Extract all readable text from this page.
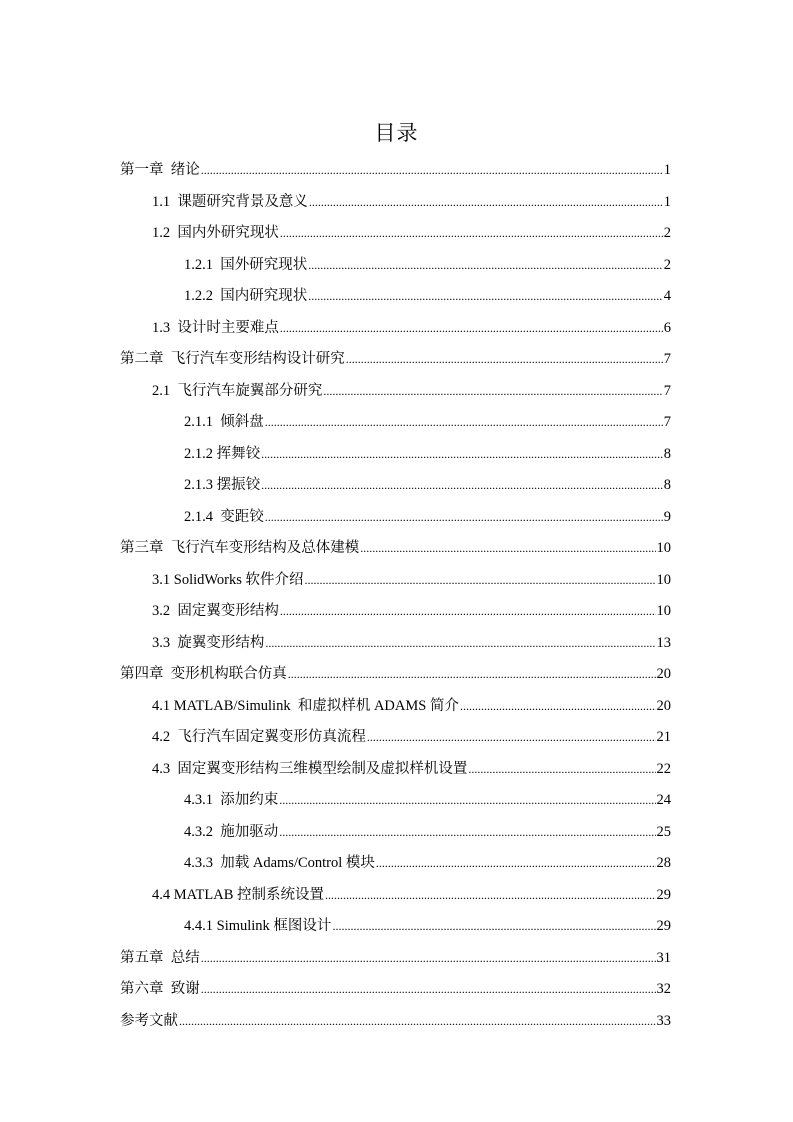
目录
第一章  绪论 .....	1
1.1  课题研究背景及意义 .....	1
1.2  国内外研究现状 .....	2
1.2.1  国外研究现状 .....	2
1.2.2  国内研究现状 .....	4
1.3  设计时主要难点 .....	6
第二章  飞行汽车变形结构设计研究 .....	7
2.1  飞行汽车旋翼部分研究 .....	7
2.1.1  倾斜盘 .....	7
2.1.2 挥舞铰 .....	8
2.1.3 摆振铰 .....	8
2.1.4  变距铰 .....	9
第三章  飞行汽车变形结构及总体建模 .....	10
3.1 SolidWorks 软件介绍 .....	10
3.2  固定翼变形结构 .....	10
3.3  旋翼变形结构 .....	13
第四章  变形机构联合仿真 .....	20
4.1 MATLAB/Simulink  和虚拟样机 ADAMS 简介 .....	20
4.2  飞行汽车固定翼变形仿真流程 .....	21
4.3  固定翼变形结构三维模型绘制及虚拟样机设置 .....	22
4.3.1  添加约束 .....	24
4.3.2  施加驱动 .....	25
4.3.3  加载 Adams/Control 模块 .....	28
4.4 MATLAB 控制系统设置 .....	29
4.4.1 Simulink 框图设计 .....	29
第五章  总结 .....	31
第六章  致谢 .....	32
参考文献 .....	33
